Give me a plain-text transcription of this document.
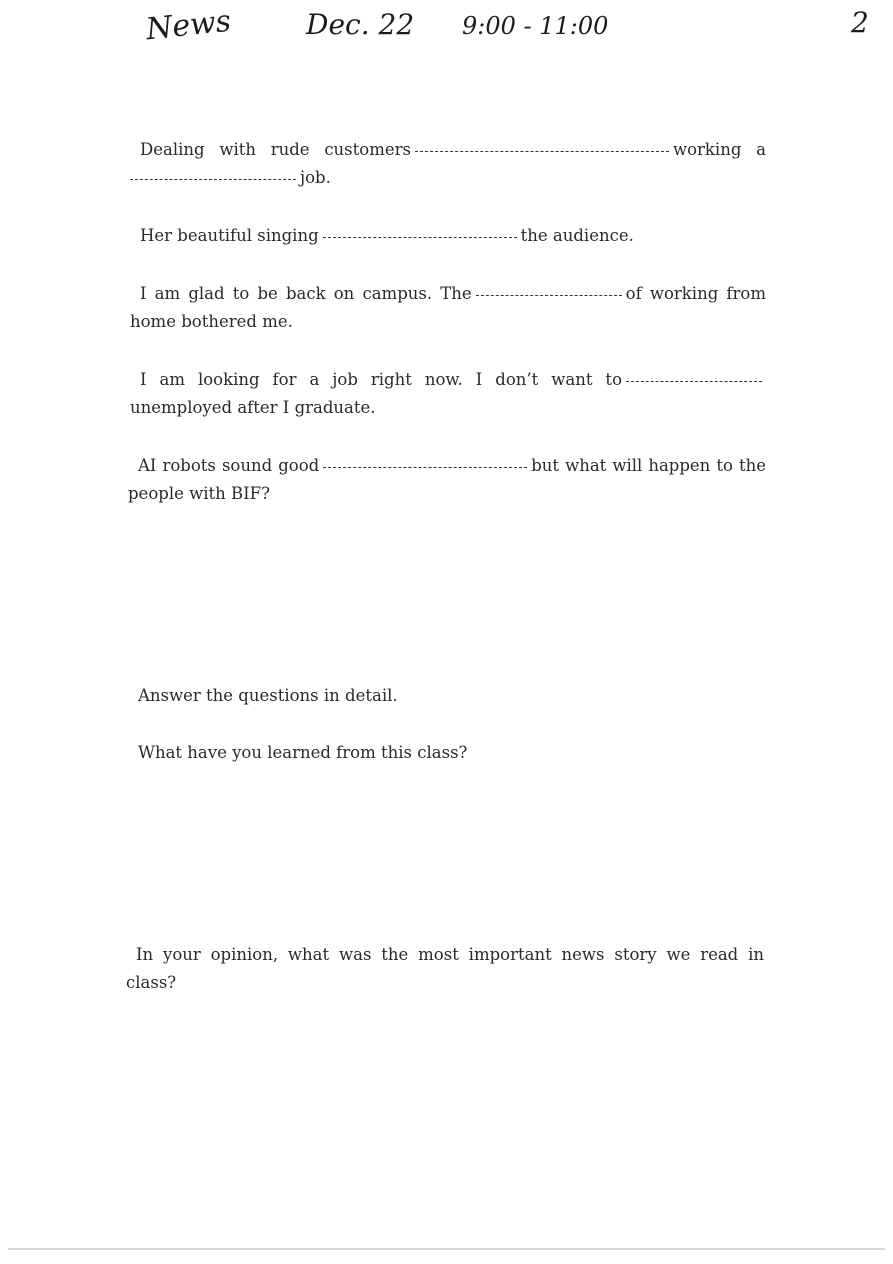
News	Dec. 22 9:00 - 11:00	2

Dealing with rude customers	working a job.

Her beautiful singing	the audience.

I am glad to be back on campus. The	of working from home bothered me.

I am looking for a job right now. I don’t want tounemployed after I graduate.

AI robots sound good	but what will happen to the people with BIF?

Answer the questions in detail.

What have you learned from this class?

In your opinion, what was the most important news story we read in class?
